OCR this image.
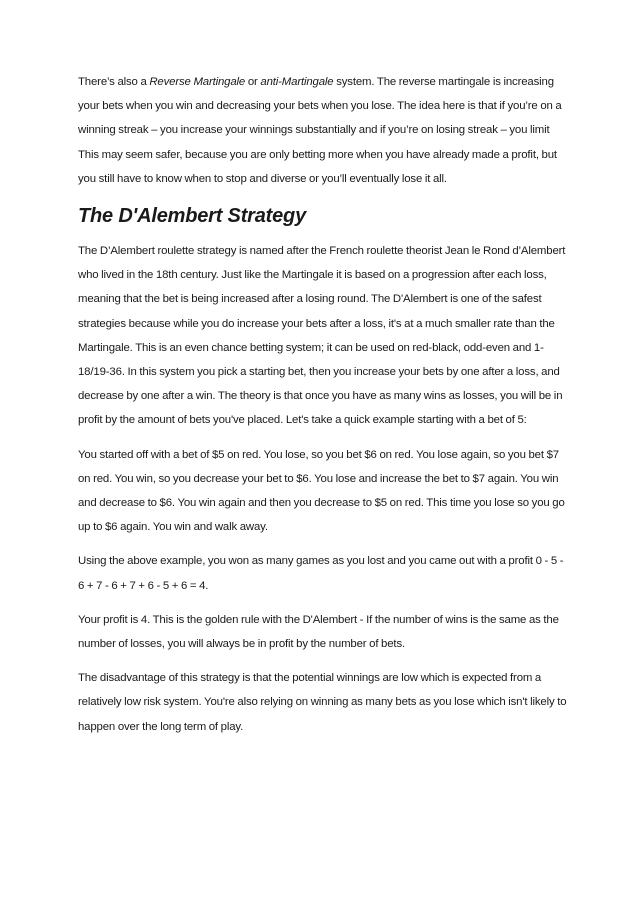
There’s also a Reverse Martingale or anti-Martingale system. The reverse martingale is increasing your bets when you win and decreasing your bets when you lose. The idea here is that if you’re on a winning streak – you increase your winnings substantially and if you’re on losing streak – you limit This may seem safer, because you are only betting more when you have already made a profit, but you still have to know when to stop and diverse or you’ll eventually lose it all.

The D'Alembert Strategy

The D’Alembert roulette strategy is named after the French roulette theorist Jean le Rond d’Alembert who lived in the 18th century. Just like the Martingale it is based on a progression after each loss, meaning that the bet is being increased after a losing round. The D'Alembert is one of the safest strategies because while you do increase your bets after a loss, it's at a much smaller rate than the Martingale. This is an even chance betting system; it can be used on red-black, odd-even and 1-18/19-36. In this system you pick a starting bet, then you increase your bets by one after a loss, and decrease by one after a win. The theory is that once you have as many wins as losses, you will be in profit by the amount of bets you've placed. Let's take a quick example starting with a bet of 5:

You started off with a bet of $5 on red. You lose, so you bet $6 on red. You lose again, so you bet $7 on red. You win, so you decrease your bet to $6. You lose and increase the bet to $7 again. You win and decrease to $6. You win again and then you decrease to $5 on red. This time you lose so you go up to $6 again. You win and walk away.

Using the above example, you won as many games as you lost and you came out with a profit 0 - 5 - 6 + 7 - 6 + 7 + 6 - 5 + 6 = 4.

Your profit is 4. This is the golden rule with the D'Alembert - If the number of wins is the same as the number of losses, you will always be in profit by the number of bets.

The disadvantage of this strategy is that the potential winnings are low which is expected from a relatively low risk system. You're also relying on winning as many bets as you lose which isn't likely to happen over the long term of play.
